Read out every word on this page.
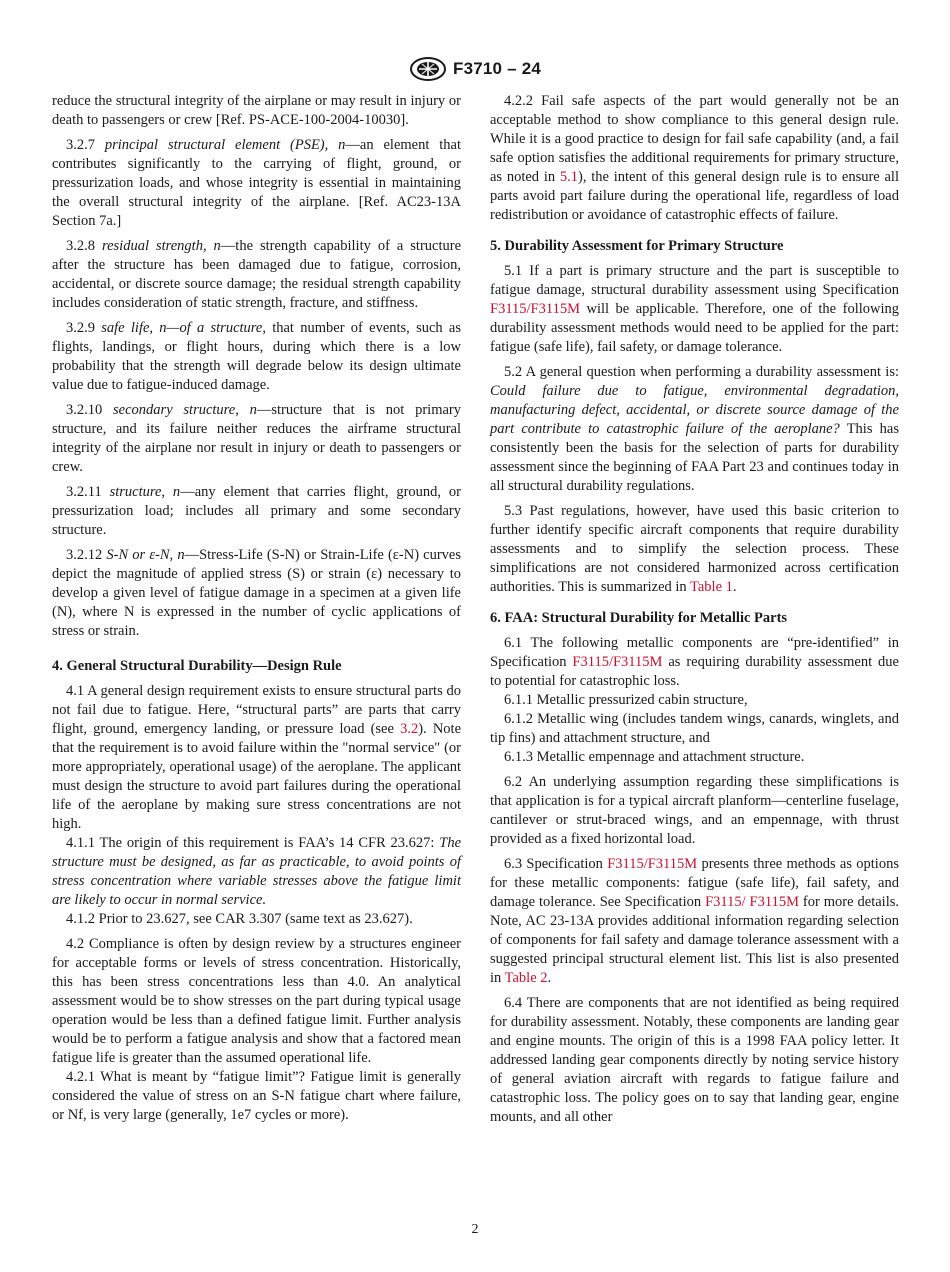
F3710 – 24

reduce the structural integrity of the airplane or may result in injury or death to passengers or crew [Ref. PS-ACE-100-2004-10030].

3.2.7 principal structural element (PSE), n—an element that contributes significantly to the carrying of flight, ground, or pressurization loads, and whose integrity is essential in maintaining the overall structural integrity of the airplane. [Ref. AC23-13A Section 7a.]

3.2.8 residual strength, n—the strength capability of a structure after the structure has been damaged due to fatigue, corrosion, accidental, or discrete source damage; the residual strength capability includes consideration of static strength, fracture, and stiffness.

3.2.9 safe life, n—of a structure, that number of events, such as flights, landings, or flight hours, during which there is a low probability that the strength will degrade below its design ultimate value due to fatigue-induced damage.

3.2.10 secondary structure, n—structure that is not primary structure, and its failure neither reduces the airframe structural integrity of the airplane nor result in injury or death to passengers or crew.

3.2.11 structure, n—any element that carries flight, ground, or pressurization load; includes all primary and some secondary structure.

3.2.12 S-N or ε-N, n—Stress-Life (S-N) or Strain-Life (ε-N) curves depict the magnitude of applied stress (S) or strain (ε) necessary to develop a given level of fatigue damage in a specimen at a given life (N), where N is expressed in the number of cyclic applications of stress or strain.

4. General Structural Durability—Design Rule

4.1 A general design requirement exists to ensure structural parts do not fail due to fatigue. Here, “structural parts” are parts that carry flight, ground, emergency landing, or pressure load (see 3.2). Note that the requirement is to avoid failure within the "normal service" (or more appropriately, operational usage) of the aeroplane. The applicant must design the structure to avoid part failures during the operational life of the aeroplane by making sure stress concentrations are not high.

4.1.1 The origin of this requirement is FAA’s 14 CFR 23.627: The structure must be designed, as far as practicable, to avoid points of stress concentration where variable stresses above the fatigue limit are likely to occur in normal service.

4.1.2 Prior to 23.627, see CAR 3.307 (same text as 23.627).

4.2 Compliance is often by design review by a structures engineer for acceptable forms or levels of stress concentration. Historically, this has been stress concentrations less than 4.0. An analytical assessment would be to show stresses on the part during typical usage operation would be less than a defined fatigue limit. Further analysis would be to perform a fatigue analysis and show that a factored mean fatigue life is greater than the assumed operational life.

4.2.1 What is meant by “fatigue limit”? Fatigue limit is generally considered the value of stress on an S-N fatigue chart where failure, or Nf, is very large (generally, 1e7 cycles or more).

4.2.2 Fail safe aspects of the part would generally not be an acceptable method to show compliance to this general design rule. While it is a good practice to design for fail safe capability (and, a fail safe option satisfies the additional requirements for primary structure, as noted in 5.1), the intent of this general design rule is to ensure all parts avoid part failure during the operational life, regardless of load redistribution or avoidance of catastrophic effects of failure.

5. Durability Assessment for Primary Structure

5.1 If a part is primary structure and the part is susceptible to fatigue damage, structural durability assessment using Specification F3115/F3115M will be applicable. Therefore, one of the following durability assessment methods would need to be applied for the part: fatigue (safe life), fail safety, or damage tolerance.

5.2 A general question when performing a durability assessment is: Could failure due to fatigue, environmental degradation, manufacturing defect, accidental, or discrete source damage of the part contribute to catastrophic failure of the aeroplane? This has consistently been the basis for the selection of parts for durability assessment since the beginning of FAA Part 23 and continues today in all structural durability regulations.

5.3 Past regulations, however, have used this basic criterion to further identify specific aircraft components that require durability assessments and to simplify the selection process. These simplifications are not considered harmonized across certification authorities. This is summarized in Table 1.

6. FAA: Structural Durability for Metallic Parts

6.1 The following metallic components are “pre-identified” in Specification F3115/F3115M as requiring durability assessment due to potential for catastrophic loss.

6.1.1 Metallic pressurized cabin structure,

6.1.2 Metallic wing (includes tandem wings, canards, winglets, and tip fins) and attachment structure, and

6.1.3 Metallic empennage and attachment structure.

6.2 An underlying assumption regarding these simplifications is that application is for a typical aircraft planform—centerline fuselage, cantilever or strut-braced wings, and an empennage, with thrust provided as a fixed horizontal load.

6.3 Specification F3115/F3115M presents three methods as options for these metallic components: fatigue (safe life), fail safety, and damage tolerance. See Specification F3115/ F3115M for more details. Note, AC 23-13A provides additional information regarding selection of components for fail safety and damage tolerance assessment with a suggested principal structural element list. This list is also presented in Table 2.

6.4 There are components that are not identified as being required for durability assessment. Notably, these components are landing gear and engine mounts. The origin of this is a 1998 FAA policy letter. It addressed landing gear components directly by noting service history of general aviation aircraft with regards to fatigue failure and catastrophic loss. The policy goes on to say that landing gear, engine mounts, and all other

2
